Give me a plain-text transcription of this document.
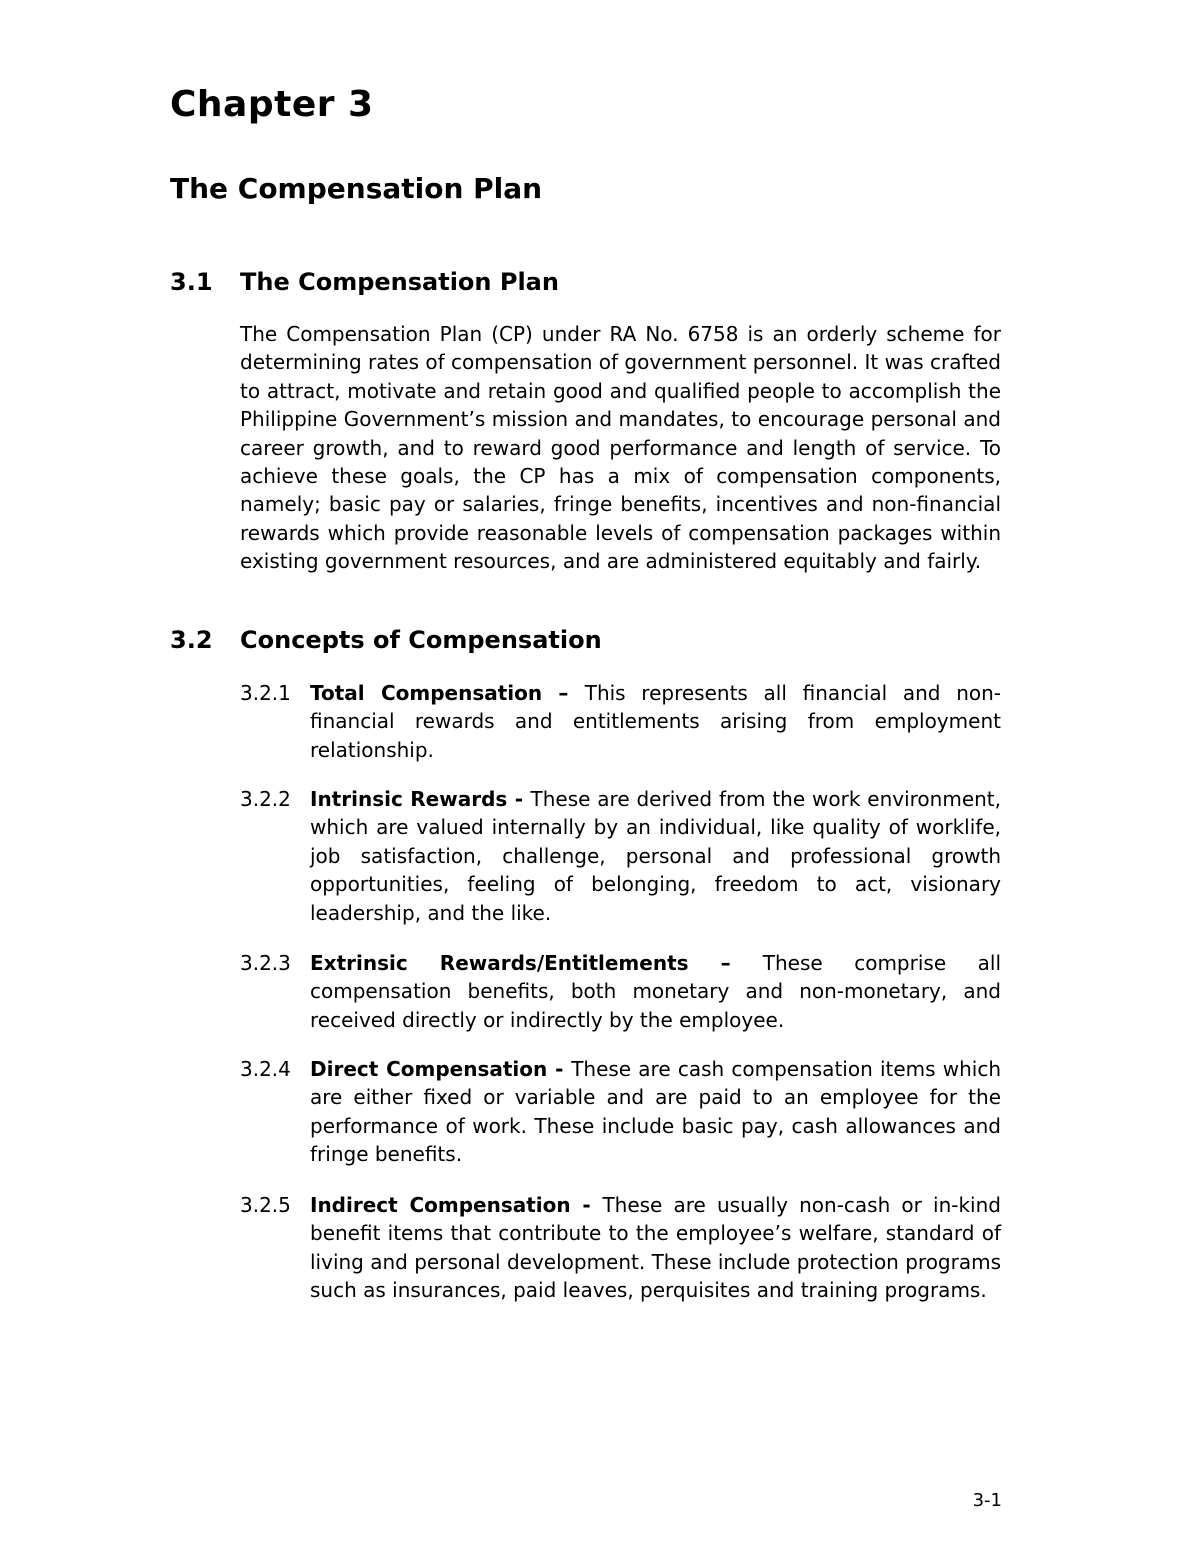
Chapter 3
The Compensation Plan
3.1 The Compensation Plan

The Compensation Plan (CP) under RA No. 6758 is an orderly scheme for determining rates of compensation of government personnel. It was crafted to attract, motivate and retain good and qualified people to accomplish the Philippine Government’s mission and mandates, to encourage personal and career growth, and to reward good performance and length of service. To achieve these goals, the CP has a mix of compensation components, namely; basic pay or salaries, fringe benefits, incentives and non-financial rewards which provide reasonable levels of compensation packages within existing government resources, and are administered equitably and fairly.

3.2 Concepts of Compensation
3.2.1 Total Compensation – This represents all financial and non-financial rewards and entitlements arising from employment relationship.
3.2.2 Intrinsic Rewards - These are derived from the work environment, which are valued internally by an individual, like quality of worklife, job satisfaction, challenge, personal and professional growth opportunities, feeling of belonging, freedom to act, visionary leadership, and the like.
3.2.3 Extrinsic Rewards/Entitlements – These comprise all compensation benefits, both monetary and non-monetary, and received directly or indirectly by the employee.
3.2.4 Direct Compensation - These are cash compensation items which are either fixed or variable and are paid to an employee for the performance of work. These include basic pay, cash allowances and fringe benefits.
3.2.5 Indirect Compensation - These are usually non-cash or in-kind benefit items that contribute to the employee’s welfare, standard of living and personal development. These include protection programs such as insurances, paid leaves, perquisites and training programs.
3-1
